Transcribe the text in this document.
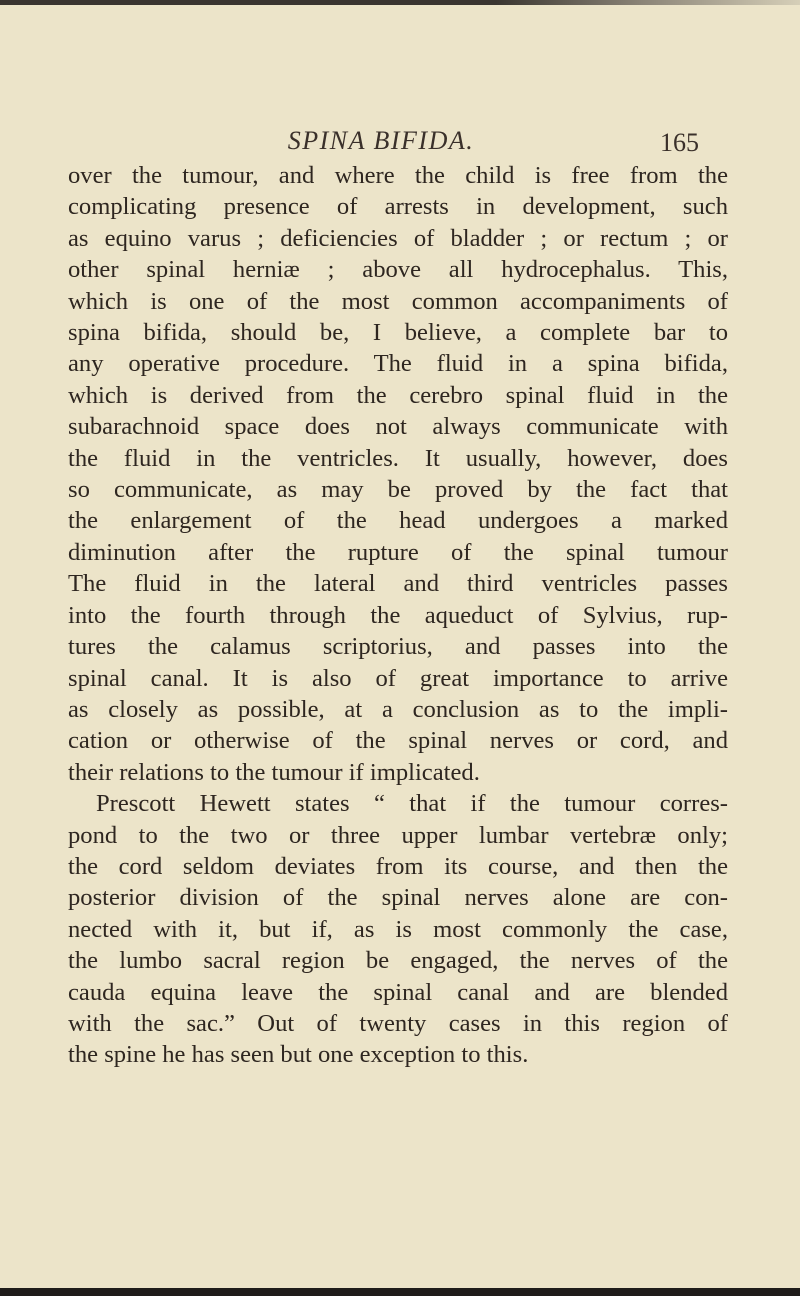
SPINA BIFIDA.	165
over the tumour, and where the child is free from the
complicating presence of arrests in development, such
as equino varus ; deficiencies of bladder ; or rectum ; or
other spinal herniæ ; above all hydrocephalus. This,
which is one of the most common accompaniments of
spina bifida, should be, I believe, a complete bar to
any operative procedure. The fluid in a spina bifida,
which is derived from the cerebro spinal fluid in the
subarachnoid space does not always communicate with
the fluid in the ventricles. It usually, however, does
so communicate, as may be proved by the fact that
the enlargement of the head undergoes a marked
diminution after the rupture of the spinal tumour
The fluid in the lateral and third ventricles passes
into the fourth through the aqueduct of Sylvius, rup-
tures the calamus scriptorius, and passes into the
spinal canal. It is also of great importance to arrive
as closely as possible, at a conclusion as to the impli-
cation or otherwise of the spinal nerves or cord, and
their relations to the tumour if implicated.
Prescott Hewett states “ that if the tumour corres-
pond to the two or three upper lumbar vertebræ only;
the cord seldom deviates from its course, and then the
posterior division of the spinal nerves alone are con-
nected with it, but if, as is most commonly the case,
the lumbo sacral region be engaged, the nerves of the
cauda equina leave the spinal canal and are blended
with the sac.” Out of twenty cases in this region of
the spine he has seen but one exception to this.
